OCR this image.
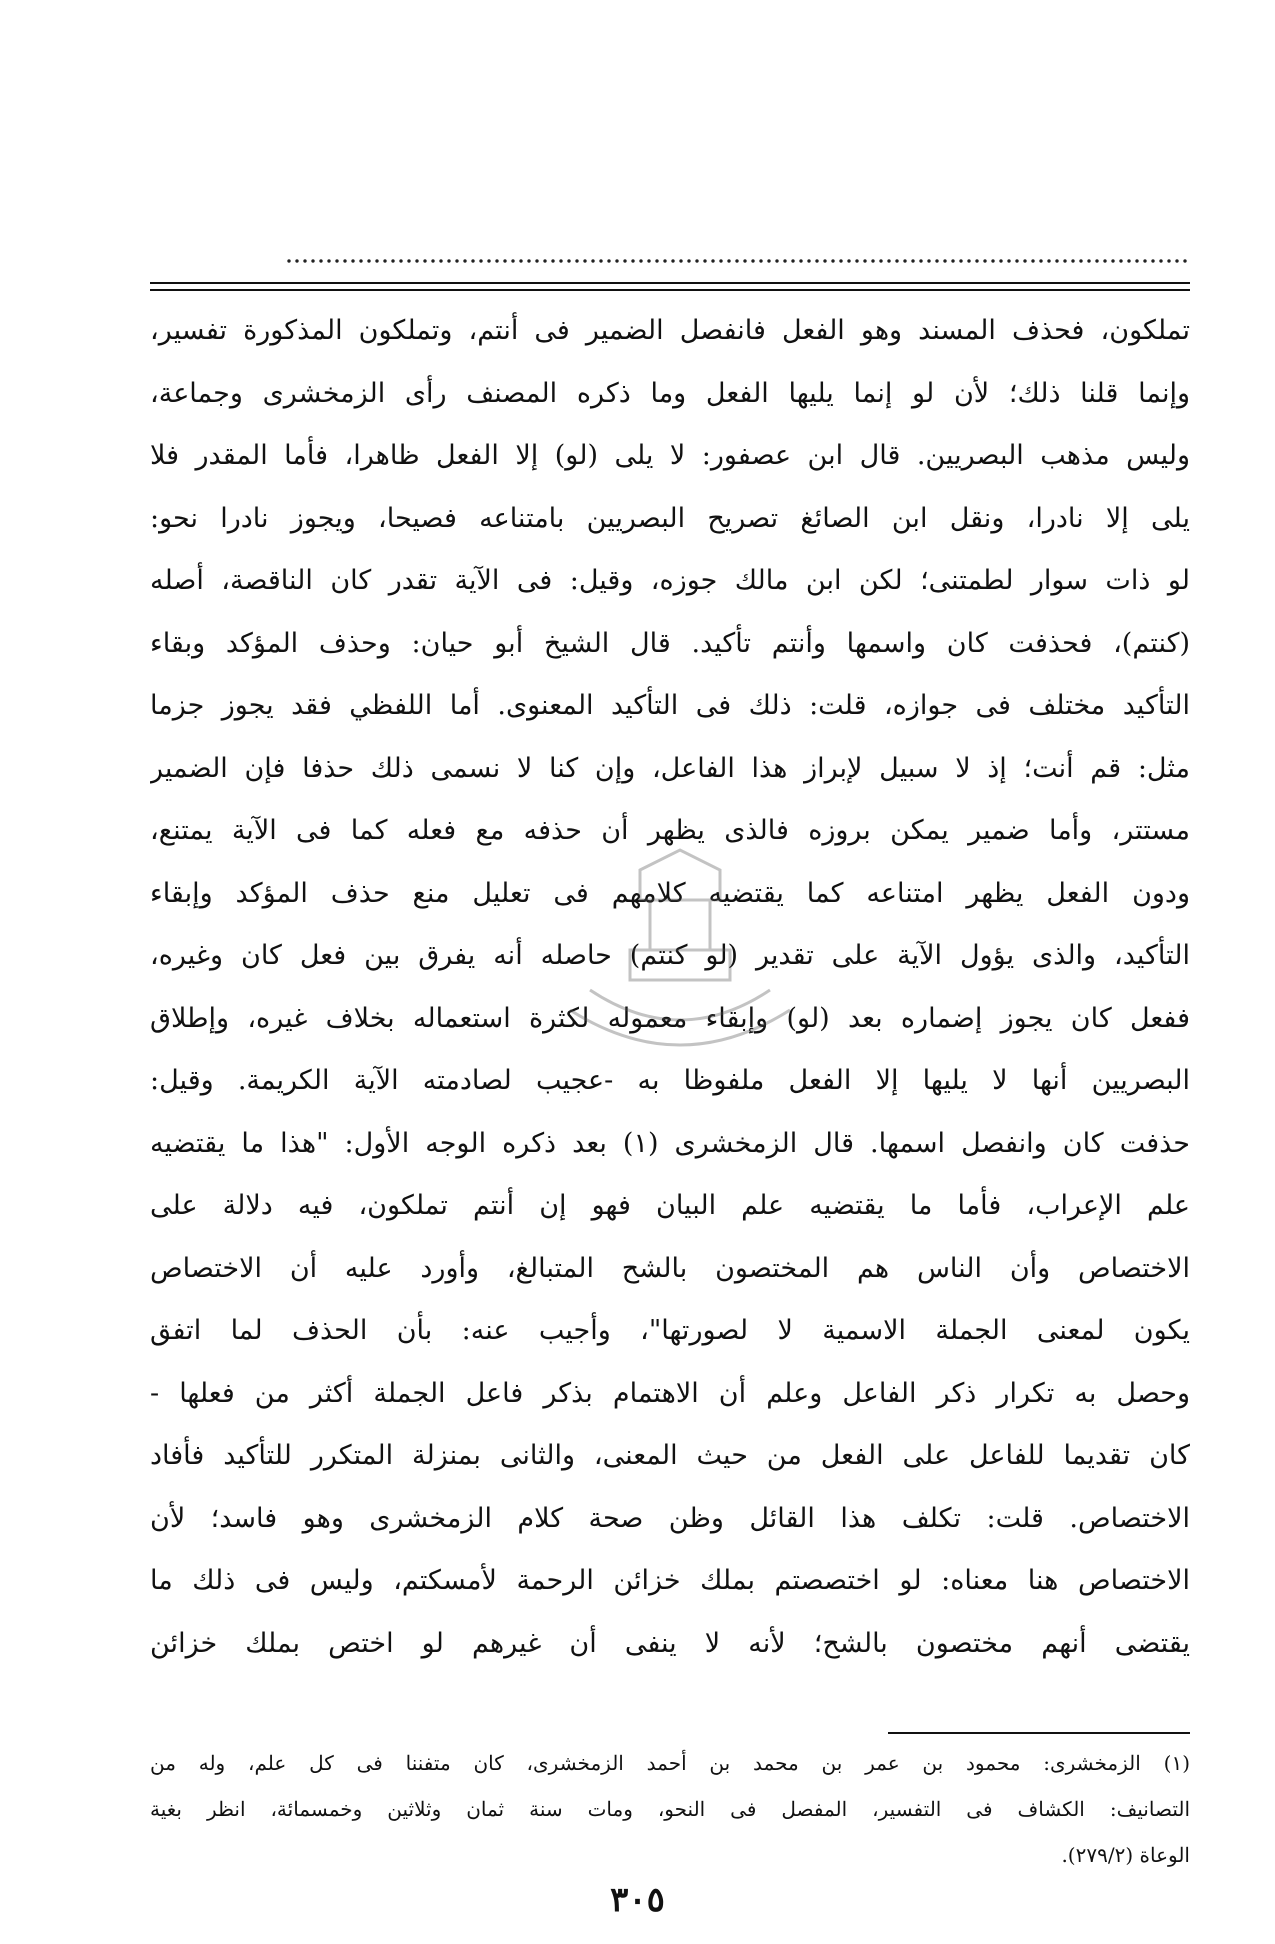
تملكون، فحذف المسند وهو الفعل فانفصل الضمير فى أنتم، وتملكون المذكورة تفسير،
وإنما قلنا ذلك؛ لأن لو إنما يليها الفعل وما ذكره المصنف رأى الزمخشرى وجماعة،
وليس مذهب البصريين. قال ابن عصفور: لا يلى (لو) إلا الفعل ظاهرا، فأما المقدر فلا
يلى إلا نادرا، ونقل ابن الصائغ تصريح البصريين بامتناعه فصيحا، ويجوز نادرا نحو:
لو ذات سوار لطمتنى؛ لكن ابن مالك جوزه، وقيل: فى الآية تقدر كان الناقصة، أصله
(كنتم)، فحذفت كان واسمها وأنتم تأكيد. قال الشيخ أبو حيان: وحذف المؤكد وبقاء
التأكيد مختلف فى جوازه، قلت: ذلك فى التأكيد المعنوى. أما اللفظي فقد يجوز جزما
مثل: قم أنت؛ إذ لا سبيل لإبراز هذا الفاعل، وإن كنا لا نسمى ذلك حذفا فإن الضمير
مستتر، وأما ضمير يمكن بروزه فالذى يظهر أن حذفه مع فعله كما فى الآية يمتنع،
ودون الفعل يظهر امتناعه كما يقتضيه كلامهم فى تعليل منع حذف المؤكد وإبقاء
التأكيد، والذى يؤول الآية على تقدير (لو كنتم) حاصله أنه يفرق بين فعل كان وغيره،
ففعل كان يجوز إضماره بعد (لو) وإبقاء معموله لكثرة استعماله بخلاف غيره، وإطلاق
البصريين أنها لا يليها إلا الفعل ملفوظا به -عجيب لصادمته الآية الكريمة. وقيل:
حذفت كان وانفصل اسمها. قال الزمخشرى (١) بعد ذكره الوجه الأول: "هذا ما يقتضيه
علم الإعراب، فأما ما يقتضيه علم البيان فهو إن أنتم تملكون، فيه دلالة على
الاختصاص وأن الناس هم المختصون بالشح المتبالغ، وأورد عليه أن الاختصاص
يكون لمعنى الجملة الاسمية لا لصورتها"، وأجيب عنه: بأن الحذف لما اتفق
وحصل به تكرار ذكر الفاعل وعلم أن الاهتمام بذكر فاعل الجملة أكثر من فعلها -
كان تقديما للفاعل على الفعل من حيث المعنى، والثانى بمنزلة المتكرر للتأكيد فأفاد
الاختصاص. قلت: تكلف هذا القائل وظن صحة كلام الزمخشرى وهو فاسد؛ لأن
الاختصاص هنا معناه: لو اختصصتم بملك خزائن الرحمة لأمسكتم، وليس فى ذلك ما
يقتضى أنهم مختصون بالشح؛ لأنه لا ينفى أن غيرهم لو اختص بملك خزائن
(١) الزمخشرى: محمود بن عمر بن محمد بن أحمد الزمخشرى، كان متفننا فى كل علم، وله من
التصانيف: الكشاف فى التفسير، المفصل فى النحو، ومات سنة ثمان وثلاثين وخمسمائة، انظر بغية
الوعاة (٢٧٩/٢).
٣٠٥
